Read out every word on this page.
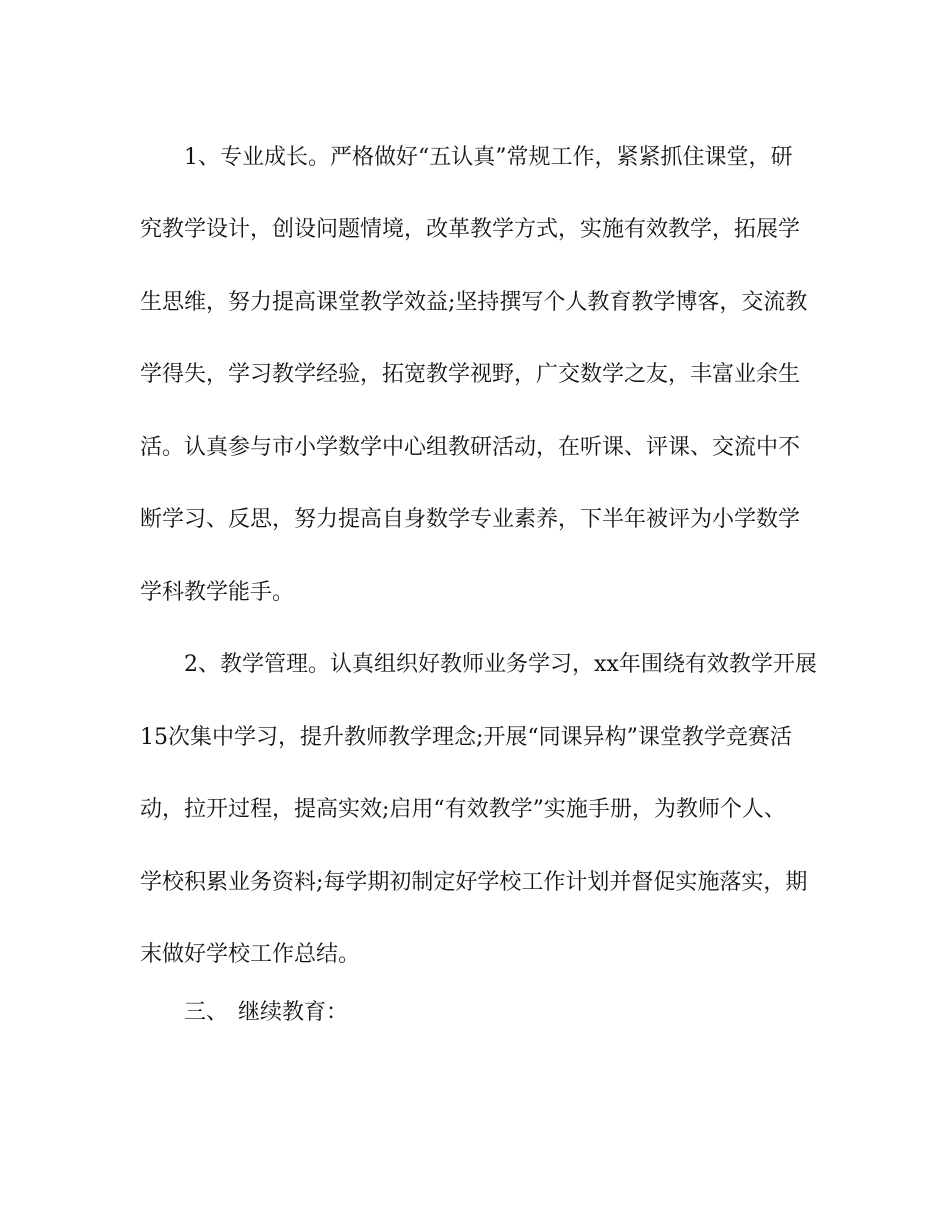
1、专业成长。严格做好“五认真”常规工作，紧紧抓住课堂，研
究教学设计，创设问题情境，改革教学方式，实施有效教学，拓展学
生思维，努力提高课堂教学效益;坚持撰写个人教育教学博客，交流教
学得失，学习教学经验，拓宽教学视野，广交数学之友，丰富业余生
活。认真参与市小学数学中心组教研活动，在听课、评课、交流中不
断学习、反思，努力提高自身数学专业素养，下半年被评为小学数学
学科教学能手。
2、教学管理。认真组织好教师业务学习，xx年围绕有效教学开展
15次集中学习，提升教师教学理念;开展“同课异构”课堂教学竞赛活
动，拉开过程，提高实效;启用“有效教学”实施手册，为教师个人、
学校积累业务资料;每学期初制定好学校工作计划并督促实施落实，期
末做好学校工作总结。
三、 继续教育：
